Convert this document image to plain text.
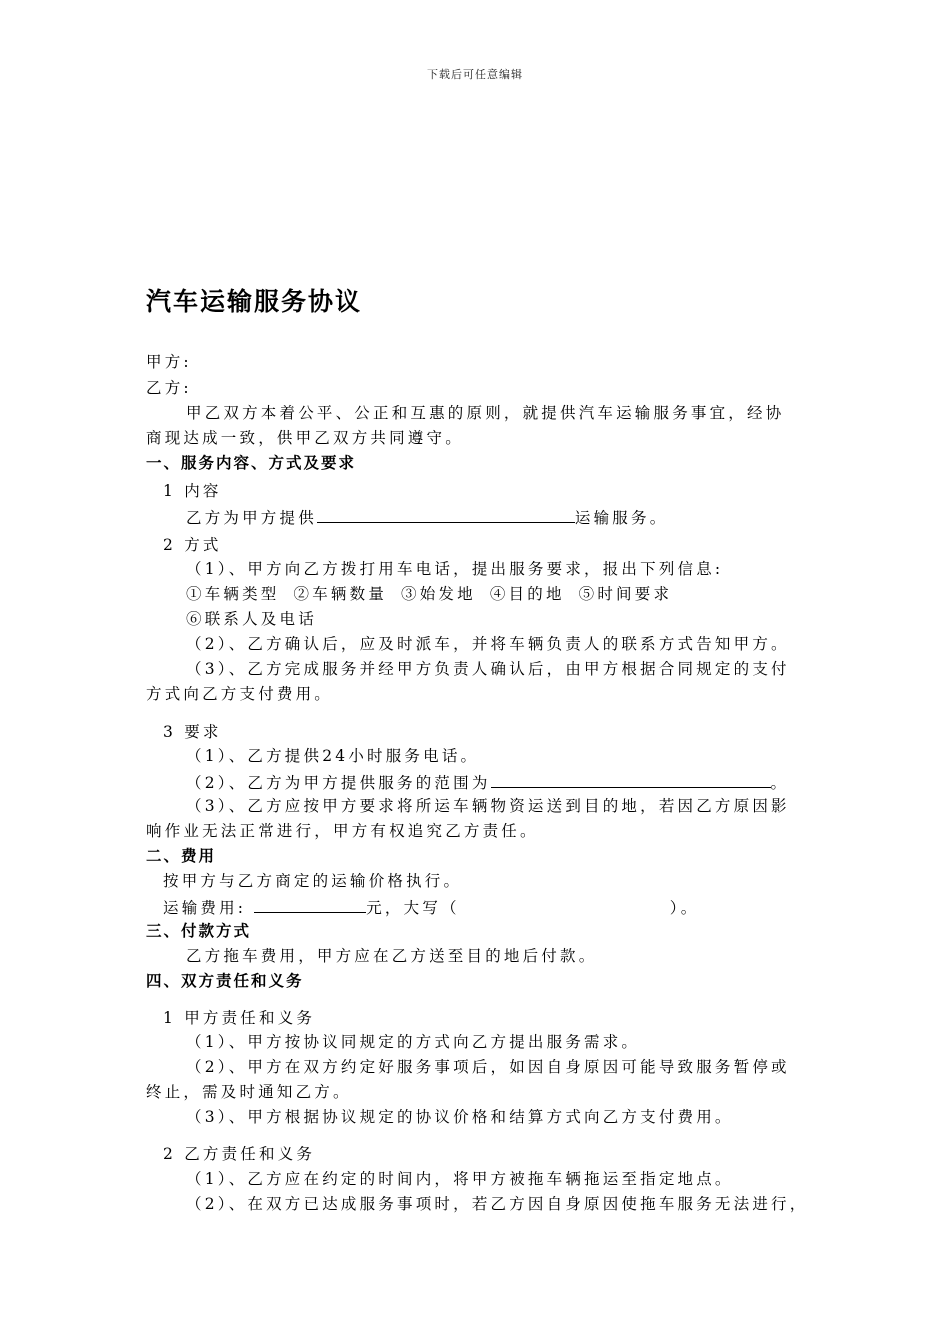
下载后可任意编辑
汽车运输服务协议
甲方:
乙方:
甲乙双方本着公平、公正和互惠的原则，就提供汽车运输服务事宜，经协
商现达成一致，供甲乙双方共同遵守。
一、服务内容、方式及要求
1 内容
乙方为甲方提供	运输服务。
2 方式
（1）、甲方向乙方拨打用车电话，提出服务要求，报出下列信息:
①车辆类型 ②车辆数量 ③始发地 ④目的地 ⑤时间要求
⑥联系人及电话
（2）、乙方确认后，应及时派车，并将车辆负责人的联系方式告知甲方。
（3）、乙方完成服务并经甲方负责人确认后，由甲方根据合同规定的支付
方式向乙方支付费用。
3 要求
（1）、乙方提供24小时服务电话。
（2）、乙方为甲方提供服务的范围为	。
（3）、乙方应按甲方要求将所运车辆物资运送到目的地，若因乙方原因影
响作业无法正常进行，甲方有权追究乙方责任。
二、费用
按甲方与乙方商定的运输价格执行。
运输费用:	元，大写（	）。
三、付款方式
乙方拖车费用，甲方应在乙方送至目的地后付款。
四、双方责任和义务
1 甲方责任和义务
（1）、甲方按协议同规定的方式向乙方提出服务需求。
（2）、甲方在双方约定好服务事项后，如因自身原因可能导致服务暂停或
终止，需及时通知乙方。
（3）、甲方根据协议规定的协议价格和结算方式向乙方支付费用。
2 乙方责任和义务
（1）、乙方应在约定的时间内，将甲方被拖车辆拖运至指定地点。
（2）、在双方已达成服务事项时，若乙方因自身原因使拖车服务无法进行，
